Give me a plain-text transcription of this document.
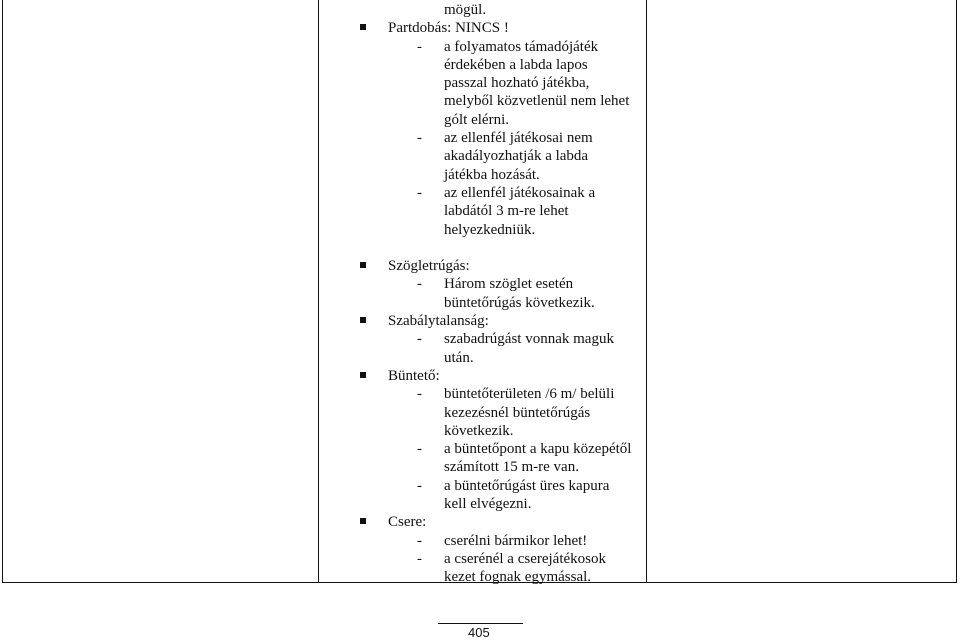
mögül.
Partdobás: NINCS !
- a folyamatos támadójáték
érdekében a labda lapos
passzal hozható játékba,
melyből közvetlenül nem lehet
gólt elérni.
- az ellenfél játékosai nem
akadályozhatják a labda
játékba hozását.
- az ellenfél játékosainak a
labdától 3 m-re lehet
helyezkedniük.
Szögletrúgás:
- Három szöglet esetén
büntetőrúgás következik.
Szabálytalanság:
- szabadrúgást vonnak maguk
után.
Büntető:
- büntetőterületen /6 m/ belüli
kezezésnél büntetőrúgás
következik.
- a büntetőpont a kapu közepétől
számított 15 m-re van.
- a büntetőrúgást üres kapura
kell elvégezni.
Csere:
- cserélni bármikor lehet!
- a cserénél a cserejátékosok
kezet fognak egymással.
405
